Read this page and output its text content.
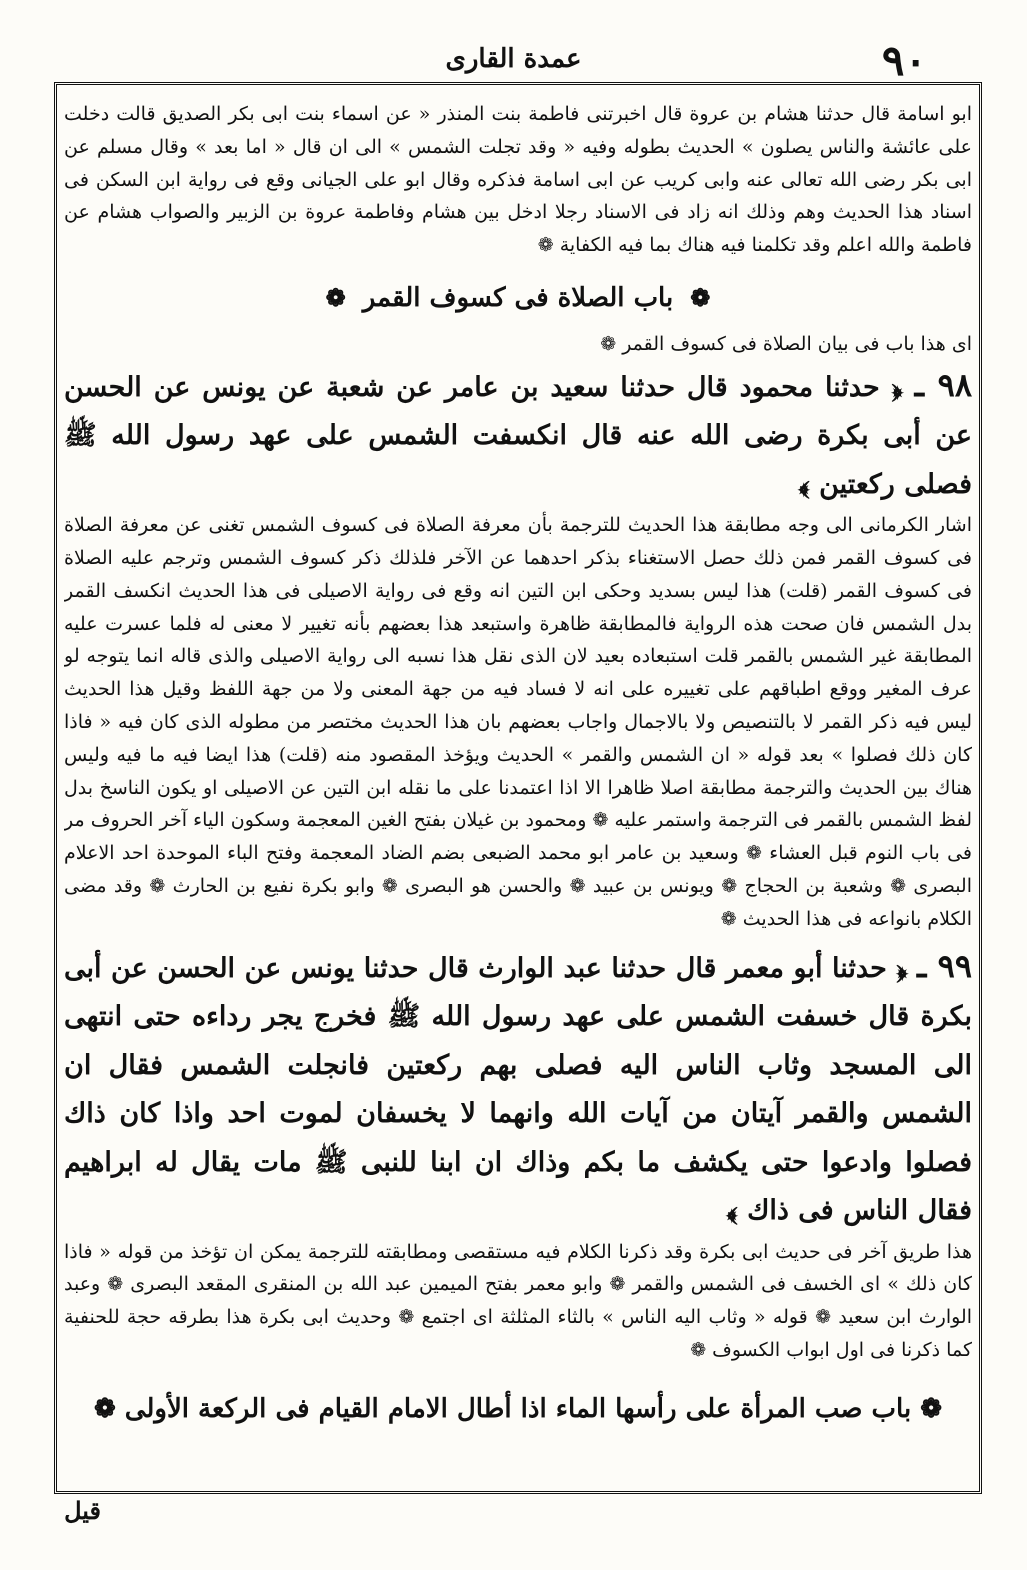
٩٠
عمدة القاری

ابو اسامة قال حدثنا هشام بن عروة قال اخبرتنی فاطمة بنت المنذر « عن اسماء بنت ابی بكر الصديق قالت دخلت على عائشة والناس يصلون » الحديث بطوله وفيه « وقد تجلت الشمس » الى ان قال « اما بعد » وقال مسلم عن ابی بكر رضی الله تعالی عنه وابی كريب عن ابی اسامة فذكره وقال ابو علی الجيانی وقع فی رواية ابن السكن فی اسناد هذا الحديث وهم وذلك انه زاد فی الاسناد رجلا ادخل بين هشام وفاطمة عروة بن الزبير والصواب هشام عن فاطمة والله اعلم وقد تكلمنا فيه هناك بما فيه الكفاية ❁

❁ باب الصلاة فی كسوف القمر ❁

ای هذا باب فی بيان الصلاة فی كسوف القمر ❁

٩٨ ـ ﴿ حدثنا محمود قال حدثنا سعيد بن عامر عن شعبة عن يونس عن الحسن عن أبی بكرة رضی الله عنه قال انكسفت الشمس على عهد رسول الله ﷺ فصلی ركعتين ﴾

اشار الكرمانی الی وجه مطابقة هذا الحديث للترجمة بأن معرفة الصلاة فی كسوف الشمس تغنی عن معرفة الصلاة فی كسوف القمر فمن ذلك حصل الاستغناء بذكر احدهما عن الآخر فلذلك ذكر كسوف الشمس وترجم عليه الصلاة فی كسوف القمر (قلت) هذا ليس بسديد وحكى ابن التين انه وقع فی رواية الاصيلی فی هذا الحديث انكسف القمر بدل الشمس فان صحت هذه الرواية فالمطابقة ظاهرة واستبعد هذا بعضهم بأنه تغيير لا معنى له فلما عسرت عليه المطابقة غير الشمس بالقمر قلت استبعاده بعيد لان الذی نقل هذا نسبه الی رواية الاصيلی والذی قاله انما يتوجه لو عرف المغير ووقع اطباقهم على تغييره على انه لا فساد فيه من جهة المعنى ولا من جهة اللفظ وقيل هذا الحديث ليس فيه ذكر القمر لا بالتنصيص ولا بالاجمال واجاب بعضهم بان هذا الحديث مختصر من مطوله الذی كان فيه « فاذا كان ذلك فصلوا » بعد قوله « ان الشمس والقمر » الحديث ويؤخذ المقصود منه (قلت) هذا ايضا فيه ما فيه وليس هناك بين الحديث والترجمة مطابقة اصلا ظاهرا الا اذا اعتمدنا على ما نقله ابن التين عن الاصيلی او يكون الناسخ بدل لفظ الشمس بالقمر فی الترجمة واستمر عليه ❁ ومحمود بن غيلان بفتح الغين المعجمة وسكون الياء آخر الحروف مر فی باب النوم قبل العشاء ❁ وسعيد بن عامر ابو محمد الضبعی بضم الضاد المعجمة وفتح الباء الموحدة احد الاعلام البصری ❁ وشعبة بن الحجاج ❁ ويونس بن عبيد ❁ والحسن هو البصری ❁ وابو بكرة نفيع بن الحارث ❁ وقد مضى الكلام بانواعه فی هذا الحديث ❁

٩٩ ـ ﴿ حدثنا أبو معمر قال حدثنا عبد الوارث قال حدثنا يونس عن الحسن عن أبی بكرة قال خسفت الشمس على عهد رسول الله ﷺ فخرج يجر رداءه حتى انتهى الی المسجد وثاب الناس اليه فصلی بهم ركعتين فانجلت الشمس فقال ان الشمس والقمر آيتان من آيات الله وانهما لا يخسفان لموت احد واذا كان ذاك فصلوا وادعوا حتى يكشف ما بكم وذاك ان ابنا للنبی ﷺ مات يقال له ابراهيم فقال الناس فی ذاك ﴾

هذا طريق آخر فی حديث ابی بكرة وقد ذكرنا الكلام فيه مستقصى ومطابقته للترجمة يمكن ان تؤخذ من قوله « فاذا كان ذلك » ای الخسف فی الشمس والقمر ❁ وابو معمر بفتح الميمين عبد الله بن المنقری المقعد البصری ❁ وعبد الوارث ابن سعيد ❁ قوله « وثاب اليه الناس » بالثاء المثلثة ای اجتمع ❁ وحديث ابی بكرة هذا بطرقه حجة للحنفية كما ذكرنا فی اول ابواب الكسوف ❁

❁ باب صب المرأة على رأسها الماء اذا أطال الامام القيام فی الركعة الأولى ❁
قيل
